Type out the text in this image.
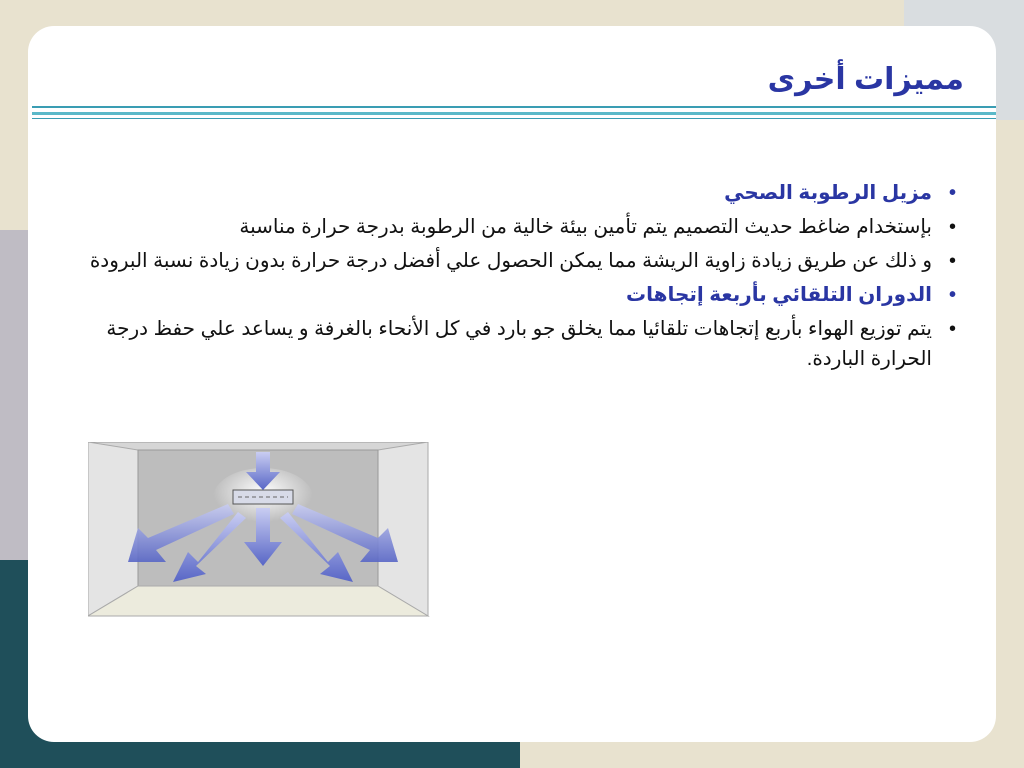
مميزات أخرى
•
مزيل الرطوبة الصحي
•
بإستخدام ضاغط حديث التصميم يتم تأمين بيئة خالية من الرطوبة بدرجة حرارة مناسبة
•
و ذلك عن طريق زيادة زاوية الريشة مما يمكن الحصول علي أفضل درجة حرارة بدون زيادة نسبة البرودة
•
الدوران التلقائي بأربعة إتجاهات
•
يتم توزيع الهواء بأربع إتجاهات تلقائيا مما يخلق جو بارد في كل الأنحاء بالغرفة و يساعد علي حفظ درجة الحرارة الباردة.
